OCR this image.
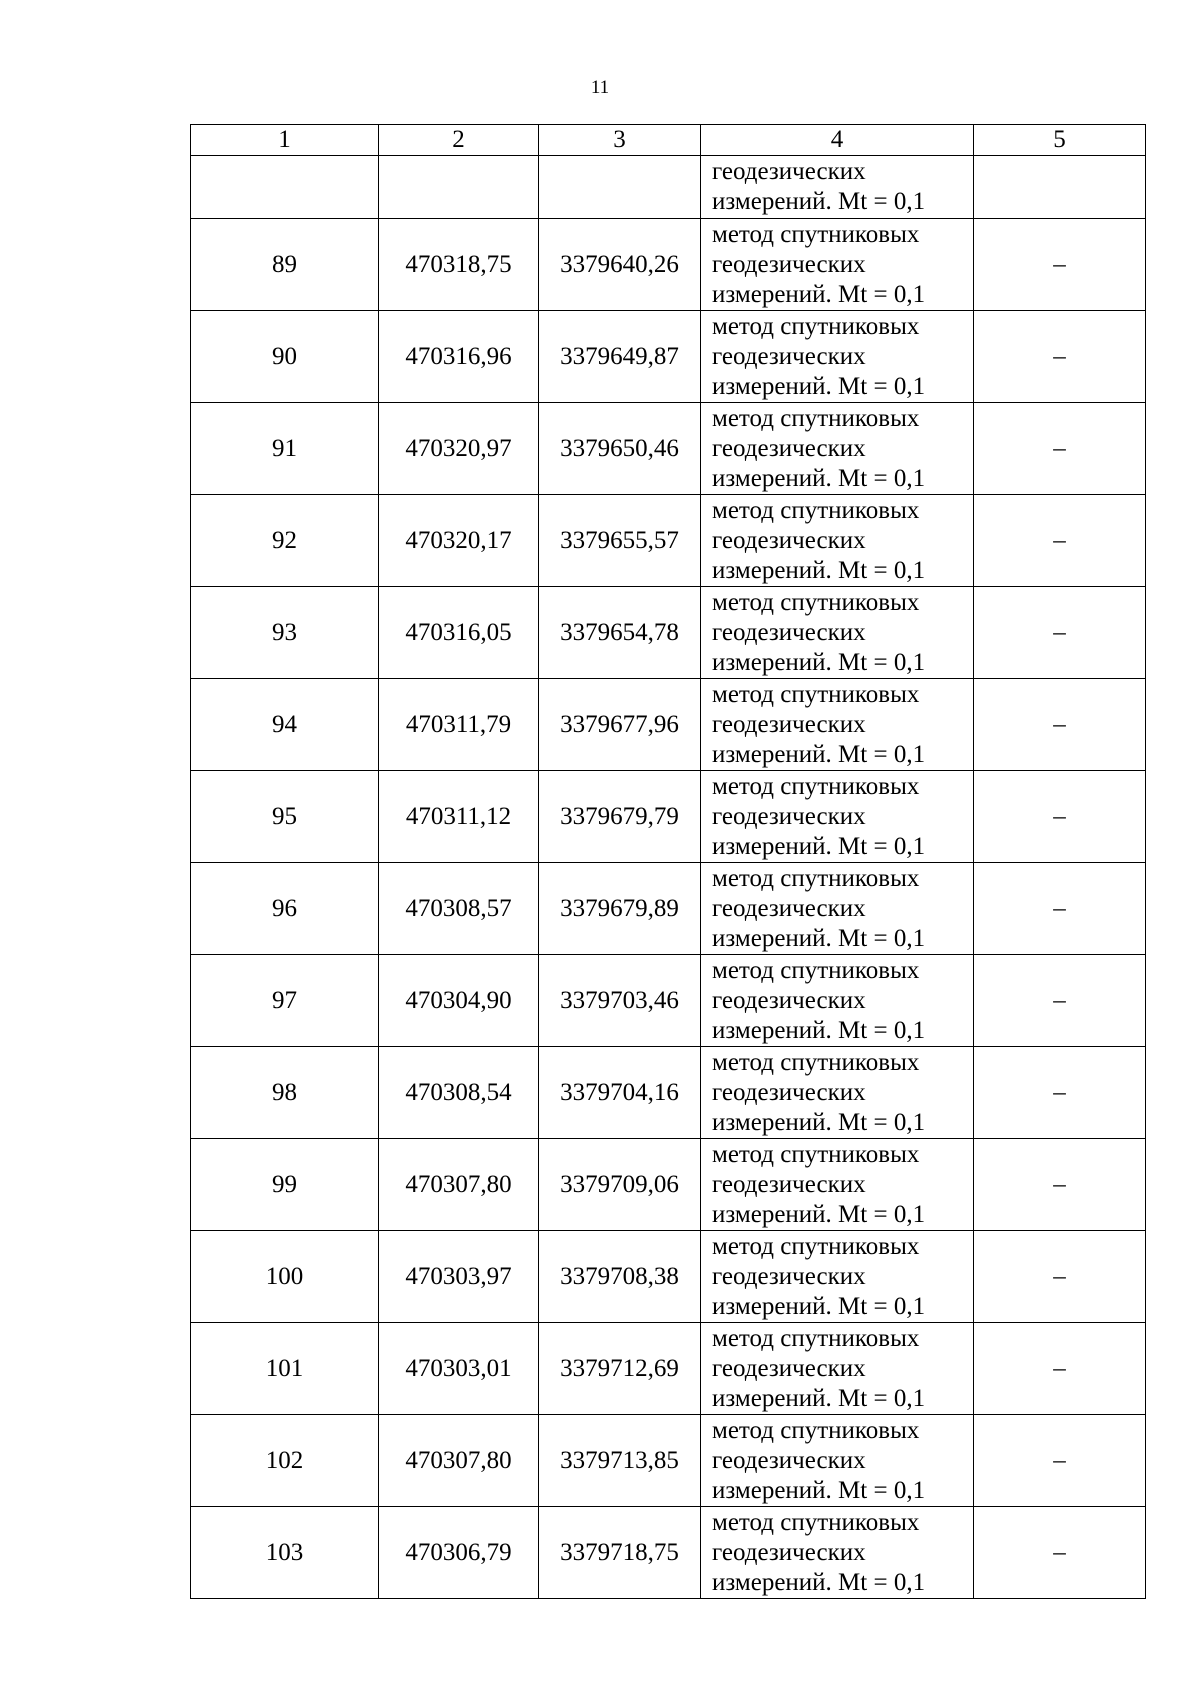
11
1	2	3	4	5
			геодезических
измерений. Mt = 0,1	
89	470318,75	3379640,26	метод спутниковых
геодезических
измерений. Mt = 0,1	–
90	470316,96	3379649,87	метод спутниковых
геодезических
измерений. Mt = 0,1	–
91	470320,97	3379650,46	метод спутниковых
геодезических
измерений. Mt = 0,1	–
92	470320,17	3379655,57	метод спутниковых
геодезических
измерений. Mt = 0,1	–
93	470316,05	3379654,78	метод спутниковых
геодезических
измерений. Mt = 0,1	–
94	470311,79	3379677,96	метод спутниковых
геодезических
измерений. Mt = 0,1	–
95	470311,12	3379679,79	метод спутниковых
геодезических
измерений. Mt = 0,1	–
96	470308,57	3379679,89	метод спутниковых
геодезических
измерений. Mt = 0,1	–
97	470304,90	3379703,46	метод спутниковых
геодезических
измерений. Mt = 0,1	–
98	470308,54	3379704,16	метод спутниковых
геодезических
измерений. Mt = 0,1	–
99	470307,80	3379709,06	метод спутниковых
геодезических
измерений. Mt = 0,1	–
100	470303,97	3379708,38	метод спутниковых
геодезических
измерений. Mt = 0,1	–
101	470303,01	3379712,69	метод спутниковых
геодезических
измерений. Mt = 0,1	–
102	470307,80	3379713,85	метод спутниковых
геодезических
измерений. Mt = 0,1	–
103	470306,79	3379718,75	метод спутниковых
геодезических
измерений. Mt = 0,1	–
